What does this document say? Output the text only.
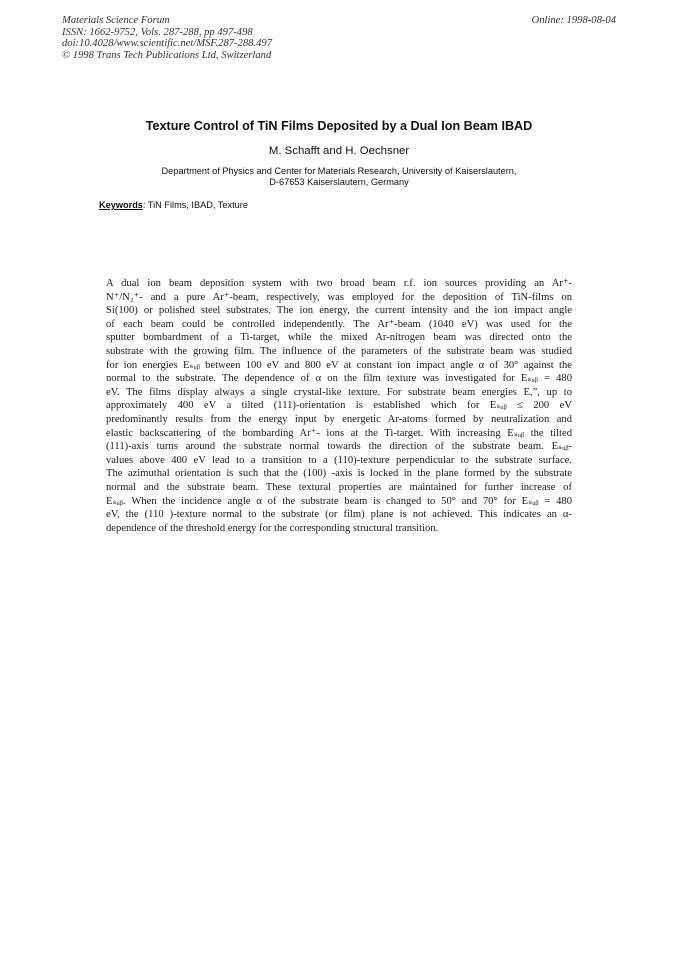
Materials Science Forum
ISSN: 1662-9752, Vols. 287-288, pp 497-498
doi:10.4028/www.scientific.net/MSF.287-288.497
© 1998 Trans Tech Publications Ltd, Switzerland
Online: 1998-08-04
Texture Control of TiN Films Deposited by a Dual Ion Beam IBAD
M. Schafft and H. Oechsner
Department of Physics and Center for Materials Research, University of Kaiserslautern,
D-67653 Kaiserslautern, Germany
Keywords: TiN Films, IBAD, Texture
A dual ion beam deposition system with two broad beam r.f. ion sources providing an Ar⁺-
N⁺/N₂⁺- and a pure Ar⁺-beam, respectively, was employed for the deposition of TiN-films on
Si(100) or polished steel substrates. The ion energy, the current intensity and the ion impact angle
of each beam could be controlled independently. The Ar⁺-beam (1040 eV) was used for the
sputter bombardment of a Ti-target, while the mixed Ar-nitrogen beam was directed onto the
substrate with the growing film. The influence of the parameters of the substrate beam was studied
for ion energies Eₛᵤᵦ between 100 eV and 800 eV at constant ion impact angle α of 30° against the
normal to the substrate. The dependence of α on the film texture was investigated for Eₛᵤᵦ = 480
eV. The films display always a single crystal-like texture. For substrate beam energies E,”, up to
approximately 400 eV a tilted (111)-orientation is established which for Eₛᵤᵦ ≤ 200 eV
predominantly results from the energy input by energetic Ar-atoms formed by neutralization and
elastic backscattering of the bombarding Ar⁺- ions at the Ti-target. With increasing Eₛᵤᵦ the tilted
(111)-axis turns around the substrate normal towards the direction of the substrate beam. Eₛᵤᵦ-
values above 400 eV lead to a transition to a (110)-texture perpendicular to the substrate surface.
The azimuthal orientation is such that the (100) -axis is locked in the plane formed by the substrate
normal and the substrate beam. These textural properties are maintained for further increase of
Eₛᵤᵦ. When the incidence angle α of the substrate beam is changed to 50° and 70° for Eₛᵤᵦ = 480
eV, the (110 )-texture normal to the substrate (or film) plane is not achieved. This indicates an α-
dependence of the threshold energy for the corresponding structural transition.
